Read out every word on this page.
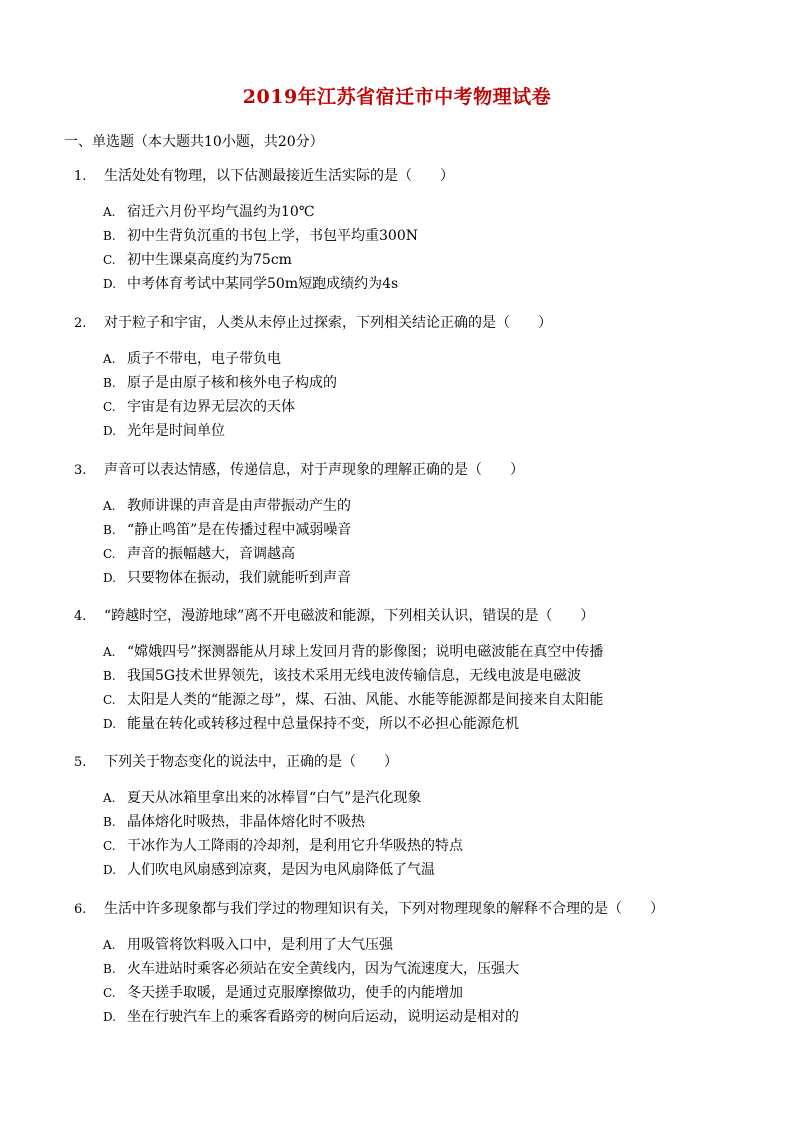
2019年江苏省宿迁市中考物理试卷
一、单选题（本大题共10小题，共20分）
1.	生活处处有物理，以下估测最接近生活实际的是（　　）
A. 宿迁六月份平均气温约为10℃
B. 初中生背负沉重的书包上学，书包平均重300N
C. 初中生课桌高度约为75cm
D. 中考体育考试中某同学50m短跑成绩约为4s
2.	对于粒子和宇宙，人类从未停止过探索，下列相关结论正确的是（　　）
A. 质子不带电，电子带负电
B. 原子是由原子核和核外电子构成的
C. 宇宙是有边界无层次的天体
D. 光年是时间单位
3.	声音可以表达情感，传递信息，对于声现象的理解正确的是（　　）
A. 教师讲课的声音是由声带振动产生的
B. “静止鸣笛”是在传播过程中减弱噪音
C. 声音的振幅越大，音调越高
D. 只要物体在振动，我们就能听到声音
4.	“跨越时空，漫游地球”离不开电磁波和能源，下列相关认识，错误的是（　　）
A. “嫦娥四号”探测器能从月球上发回月背的影像图；说明电磁波能在真空中传播
B. 我国5G技术世界领先，该技术采用无线电波传输信息，无线电波是电磁波
C. 太阳是人类的“能源之母”，煤、石油、风能、水能等能源都是间接来自太阳能
D. 能量在转化或转移过程中总量保持不变，所以不必担心能源危机
5.	下列关于物态变化的说法中，正确的是（　　）
A. 夏天从冰箱里拿出来的冰棒冒“白气”是汽化现象
B. 晶体熔化时吸热，非晶体熔化时不吸热
C. 干冰作为人工降雨的冷却剂，是利用它升华吸热的特点
D. 人们吹电风扇感到凉爽，是因为电风扇降低了气温
6.	生活中许多现象都与我们学过的物理知识有关，下列对物理现象的解释不合理的是（　　）
A. 用吸管将饮料吸入口中，是利用了大气压强
B. 火车进站时乘客必须站在安全黄线内，因为气流速度大，压强大
C. 冬天搓手取暖，是通过克服摩擦做功，使手的内能增加
D. 坐在行驶汽车上的乘客看路旁的树向后运动，说明运动是相对的
